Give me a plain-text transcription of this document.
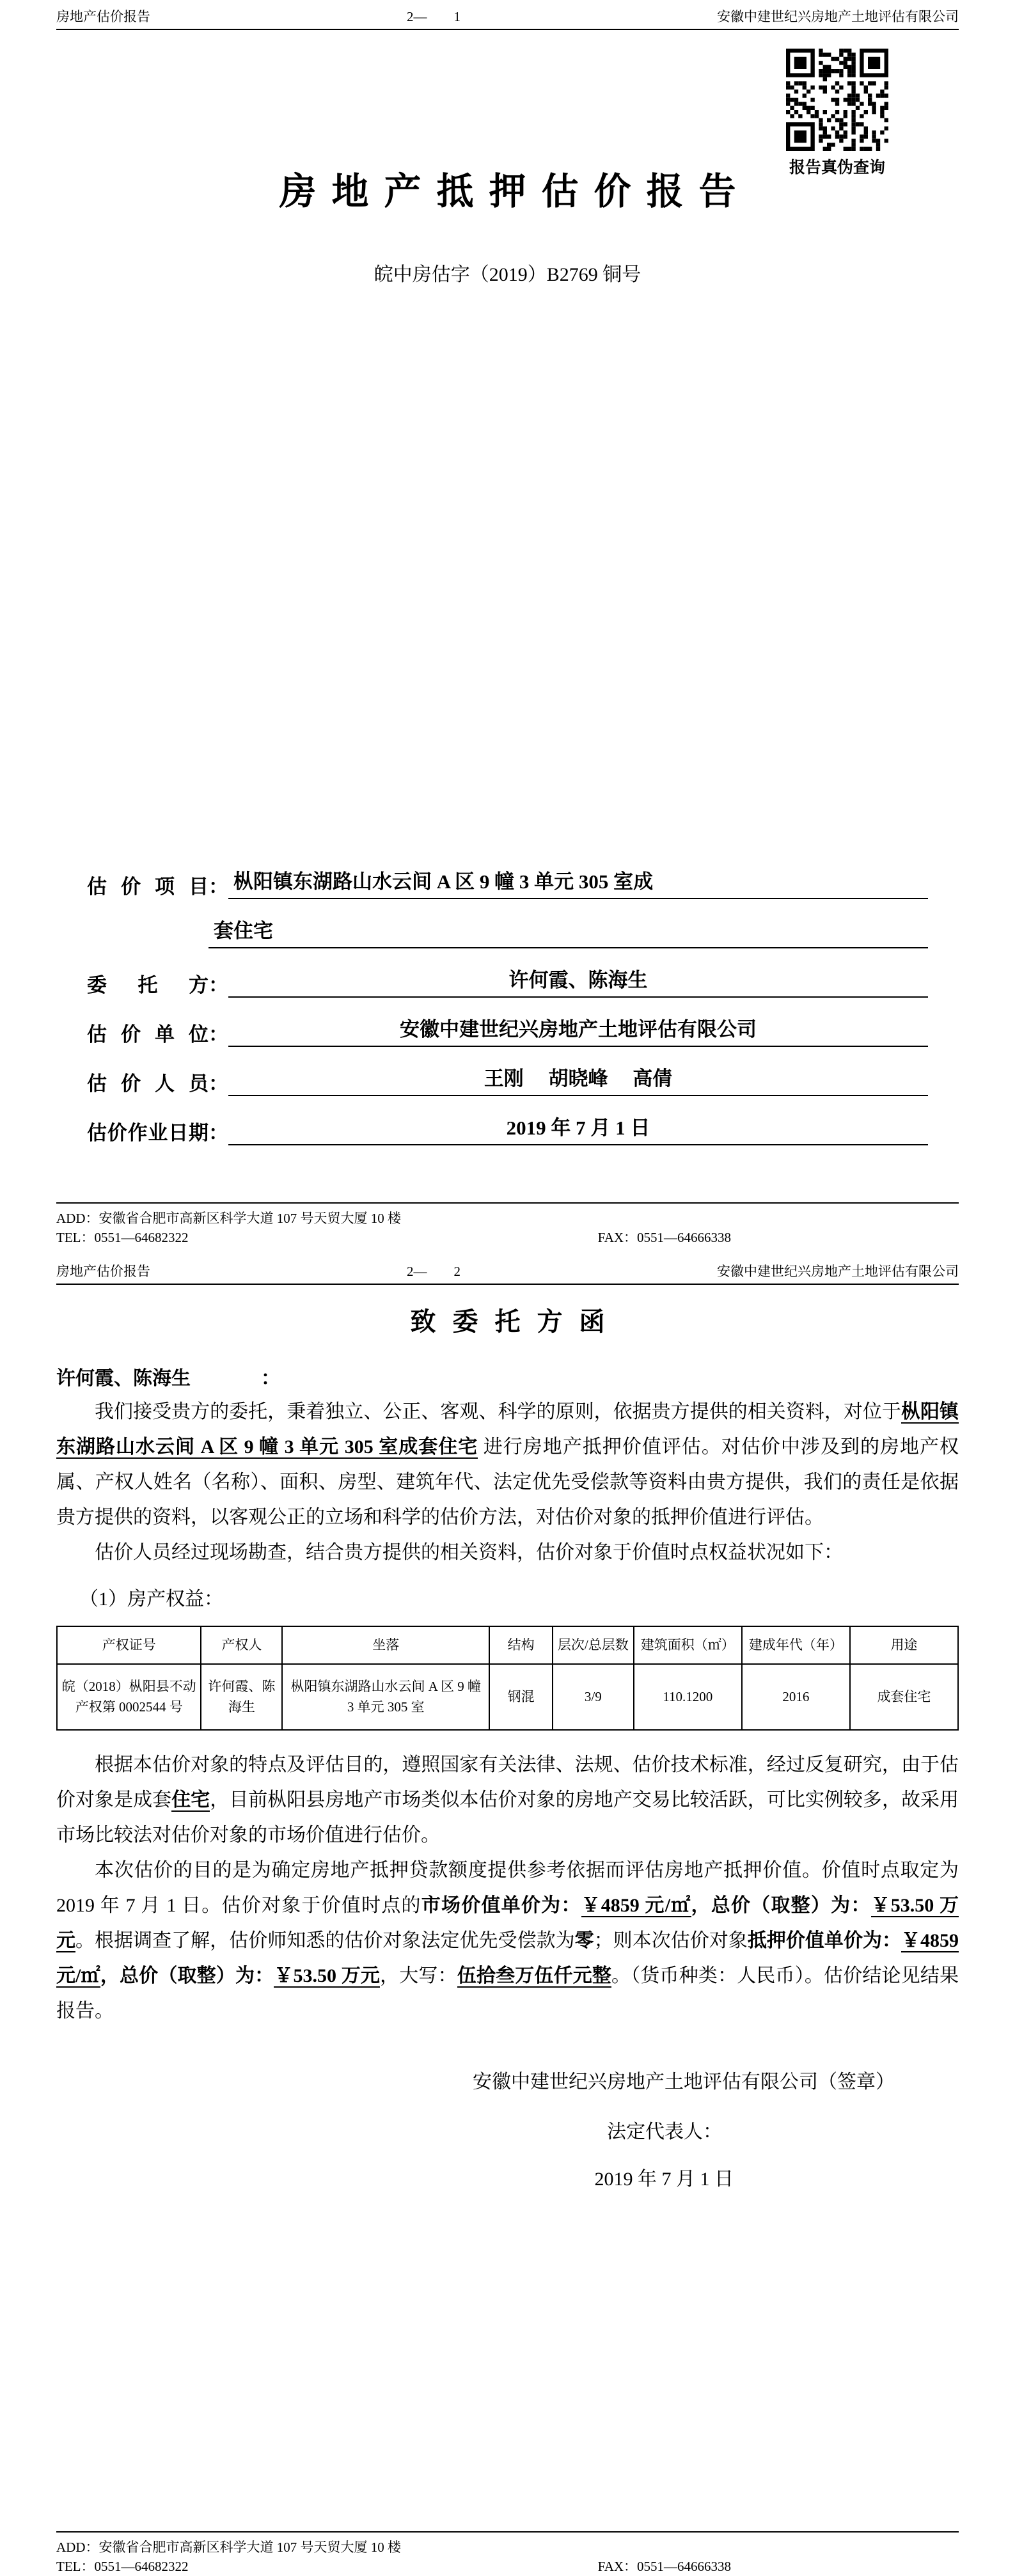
房地产估价报告	2—        1	安徽中建世纪兴房地产土地评估有限公司
报告真伪查询
房地产抵押估价报告
皖中房估字（2019）B2769 铜号
估价项目： 枞阳镇东湖路山水云间 A 区 9 幢 3 单元 305 室成
套住宅
委托方：	许何霞、陈海生
估价单位：	安徽中建世纪兴房地产土地评估有限公司
估价人员：	王刚　 胡晓峰　 高倩
估价作业日期：	2019 年 7 月 1 日
ADD：安徽省合肥市高新区科学大道 107 号天贸大厦 10 楼
TEL：0551—64682322	FAX：0551—64666338
房地产估价报告	2—        2	安徽中建世纪兴房地产土地评估有限公司
致委托方函
许何霞、陈海生	：

我们接受贵方的委托，秉着独立、公正、客观、科学的原则，依据贵方提供的相关资料，对位于枞阳镇东湖路山水云间 A 区 9 幢 3 单元 305 室成套住宅 进行房地产抵押价值评估。对估价中涉及到的房地产权属、产权人姓名（名称）、面积、房型、建筑年代、法定优先受偿款等资料由贵方提供，我们的责任是依据贵方提供的资料，以客观公正的立场和科学的估价方法，对估价对象的抵押价值进行评估。

估价人员经过现场勘查，结合贵方提供的相关资料，估价对象于价值时点权益状况如下：

（1）房产权益：

产权证号	产权人	坐落	结构	层次/总层数	建筑面积（㎡）	建成年代（年）	用途
皖（2018）枞阳县不动产权第 0002544 号	许何霞、陈海生	枞阳镇东湖路山水云间 A 区 9 幢 3 单元 305 室	钢混	3/9	110.1200	2016	成套住宅

根据本估价对象的特点及评估目的，遵照国家有关法律、法规、估价技术标准，经过反复研究，由于估价对象是成套住宅，目前枞阳县房地产市场类似本估价对象的房地产交易比较活跃，可比实例较多，故采用市场比较法对估价对象的市场价值进行估价。

本次估价的目的是为确定房地产抵押贷款额度提供参考依据而评估房地产抵押价值。价值时点取定为 2019 年 7 月 1 日。估价对象于价值时点的市场价值单价为：￥4859 元/㎡，总价（取整）为：￥53.50 万元。根据调查了解，估价师知悉的估价对象法定优先受偿款为零；则本次估价对象抵押价值单价为：￥4859 元/㎡，总价（取整）为：￥53.50 万元，大写：伍拾叁万伍仟元整。（货币种类：人民币）。估价结论见结果报告。

安徽中建世纪兴房地产土地评估有限公司（签章）
法定代表人：
2019 年 7 月 1 日
ADD：安徽省合肥市高新区科学大道 107 号天贸大厦 10 楼
TEL：0551—64682322	FAX：0551—64666338
